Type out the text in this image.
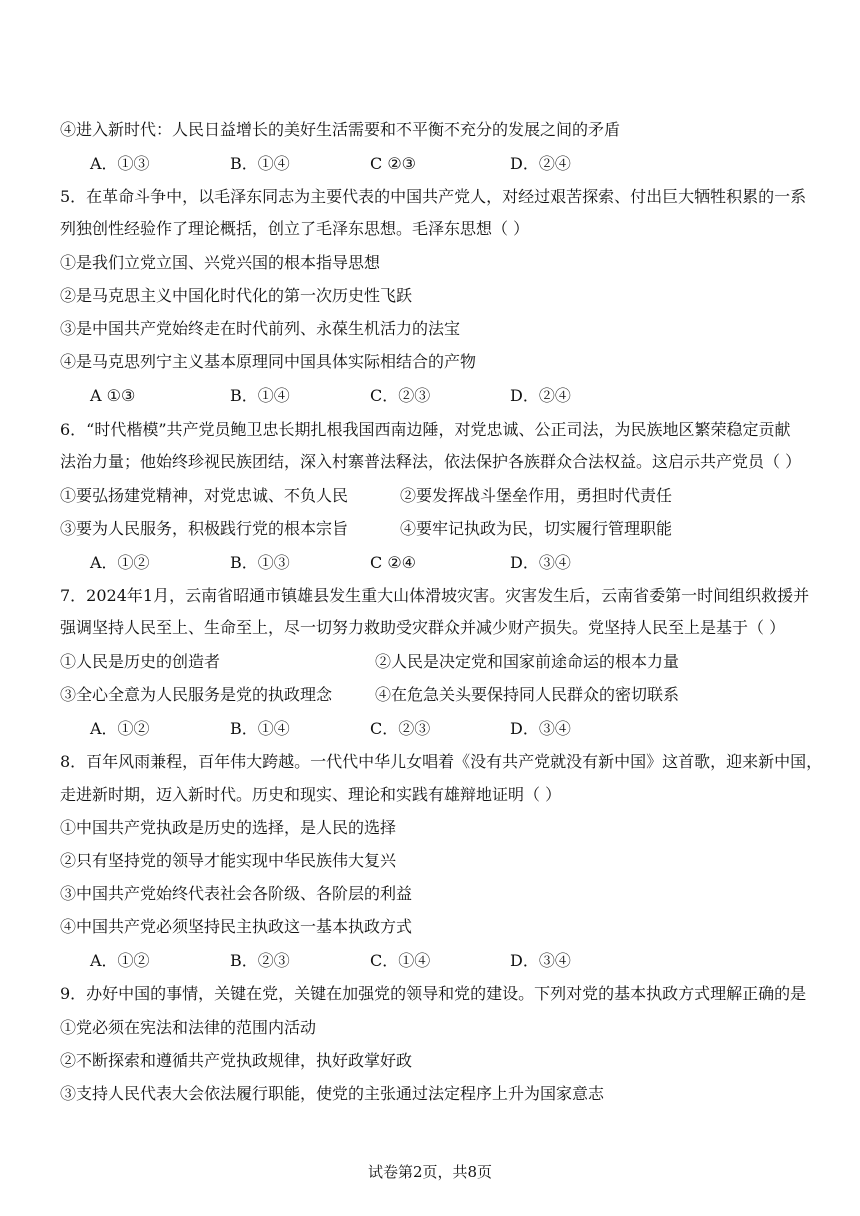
④进入新时代：人民日益增长的美好生活需要和不平衡不充分的发展之间的矛盾
A．①③	B．①④	C ②③	D．②④
5．在革命斗争中，以毛泽东同志为主要代表的中国共产党人，对经过艰苦探索、付出巨大牺牲积累的一系
列独创性经验作了理论概括，创立了毛泽东思想。毛泽东思想（ ）
①是我们立党立国、兴党兴国的根本指导思想
②是马克思主义中国化时代化的第一次历史性飞跃
③是中国共产党始终走在时代前列、永葆生机活力的法宝
④是马克思列宁主义基本原理同中国具体实际相结合的产物
A ①③	B．①④	C．②③	D．②④
6．“时代楷模”共产党员鲍卫忠长期扎根我国西南边陲，对党忠诚、公正司法，为民族地区繁荣稳定贡献
法治力量；他始终珍视民族团结，深入村寨普法释法，依法保护各族群众合法权益。这启示共产党员（ ）
①要弘扬建党精神，对党忠诚、不负人民	②要发挥战斗堡垒作用，勇担时代责任
③要为人民服务，积极践行党的根本宗旨	④要牢记执政为民，切实履行管理职能
A．①②	B．①③	C ②④	D．③④
7．2024年1月，云南省昭通市镇雄县发生重大山体滑坡灾害。灾害发生后，云南省委第一时间组织救援并
强调坚持人民至上、生命至上，尽一切努力救助受灾群众并减少财产损失。党坚持人民至上是基于（ ）
①人民是历史的创造者	②人民是决定党和国家前途命运的根本力量
③全心全意为人民服务是党的执政理念	④在危急关头要保持同人民群众的密切联系
A．①②	B．①④	C．②③	D．③④
8．百年风雨兼程，百年伟大跨越。一代代中华儿女唱着《没有共产党就没有新中国》这首歌，迎来新中国，
走进新时期，迈入新时代。历史和现实、理论和实践有雄辩地证明（ ）
①中国共产党执政是历史的选择，是人民的选择
②只有坚持党的领导才能实现中华民族伟大复兴
③中国共产党始终代表社会各阶级、各阶层的利益
④中国共产党必须坚持民主执政这一基本执政方式
A．①②	B．②③	C．①④	D．③④
9．办好中国的事情，关键在党，关键在加强党的领导和党的建设。下列对党的基本执政方式理解正确的是
①党必须在宪法和法律的范围内活动
②不断探索和遵循共产党执政规律，执好政掌好政
③支持人民代表大会依法履行职能，使党的主张通过法定程序上升为国家意志
试卷第2页，共8页
